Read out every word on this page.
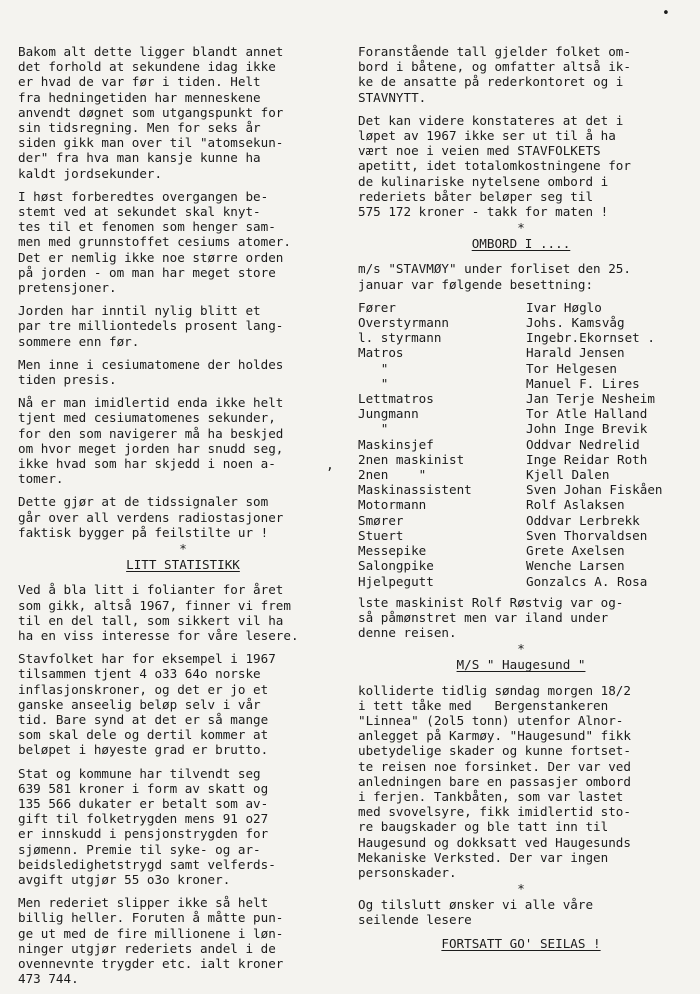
•
,

Bakom alt dette ligger blandt annet
det forhold at sekundene idag ikke
er hvad de var før i tiden. Helt
fra hedningetiden har menneskene
anvendt døgnet som utgangspunkt for
sin tidsregning. Men for seks år
siden gikk man over til "atomsekun-
der" fra hva man kansje kunne ha
kaldt jordsekunder.

I høst forberedtes overgangen be-
stemt ved at sekundet skal knyt-
tes til et fenomen som henger sam-
men med grunnstoffet cesiums atomer.
Det er nemlig ikke noe større orden
på jorden - om man har meget store
pretensjoner.

Jorden har inntil nylig blitt et
par tre milliontedels prosent lang-
sommere enn før.

Men inne i cesiumatomene der holdes
tiden presis.

Nå er man imidlertid enda ikke helt
tjent med cesiumatomenes sekunder,
for den som navigerer må ha beskjed
om hvor meget jorden har snudd seg,
ikke hvad som har skjedd i noen a-
tomer.

Dette gjør at de tidssignaler som
går over all verdens radiostasjoner
faktisk bygger på feilstilte ur !

*
LITT STATISTIKK

Ved å bla litt i folianter for året
som gikk, altså 1967, finner vi frem
til en del tall, som sikkert vil ha
ha en viss interesse for våre lesere.

Stavfolket har for eksempel i 1967
tilsammen tjent 4 o33 64o norske
inflasjonskroner, og det er jo et
ganske anseelig beløp selv i vår
tid. Bare synd at det er så mange
som skal dele og dertil kommer at
beløpet i høyeste grad er brutto.

Stat og kommune har tilvendt seg
639 581 kroner i form av skatt og
135 566 dukater er betalt som av-
gift til folketrygden mens 91 o27
er innskudd i pensjonstrygden for
sjømenn. Premie til syke- og ar-
beidsledighetstrygd samt velferds-
avgift utgjør 55 o3o kroner.

Men rederiet slipper ikke så helt
billig heller. Foruten å måtte pun-
ge ut med de fire millionene i løn-
ninger utgjør rederiets andel i de
ovennevnte trygder etc. ialt kroner
473 744.

Foranstående tall gjelder folket om-
bord i båtene, og omfatter altså ik-
ke de ansatte på rederkontoret og i
STAVNYTT.

Det kan videre konstateres at det i
løpet av 1967 ikke ser ut til å ha
vært noe i veien med STAVFOLKETS
apetitt, idet totalomkostningene for
de kulinariske nytelsene ombord i
rederiets båter beløper seg til
575 172 kroner - takk for maten !

*
OMBORD I ....

m/s "STAVMØY" under forliset den 25.
januar var følgende besettning:

Fører	Ivar Høglo
Overstyrmann	Johs. Kamsvåg
l. styrmann	Ingebr.Ekornset .
Matros	Harald Jensen
"	Tor Helgesen
"	Manuel F. Lires
Lettmatros	Jan Terje Nesheim
Jungmann	Tor Atle Halland
"	John Inge Brevik
Maskinsjef	Oddvar Nedrelid
2nen maskinist	Inge Reidar Roth
2nen    "	Kjell Dalen
Maskinassistent	Sven Johan Fiskåen
Motormann	Rolf Aslaksen
Smører	Oddvar Lerbrekk
Stuert	Sven Thorvaldsen
Messepike	Grete Axelsen
Salongpike	Wenche Larsen
Hjelpegutt	Gonzalcs A. Rosa

lste maskinist Rolf Røstvig var og-
så påmønstret men var iland under
denne reisen.

*
M/S " Haugesund "

kolliderte tidlig søndag morgen 18/2
i tett tåke med   Bergenstankeren
"Linnea" (2ol5 tonn) utenfor Alnor-
anlegget på Karmøy. "Haugesund" fikk
ubetydelige skader og kunne fortset-
te reisen noe forsinket. Der var ved
anledningen bare en passasjer ombord
i ferjen. Tankbåten, som var lastet
med svovelsyre, fikk imidlertid sto-
re baugskader og ble tatt inn til
Haugesund og dokksatt ved Haugesunds
Mekaniske Verksted. Der var ingen
personskader.

*

Og tilslutt ønsker vi alle våre
seilende lesere

FORTSATT GO' SEILAS !
